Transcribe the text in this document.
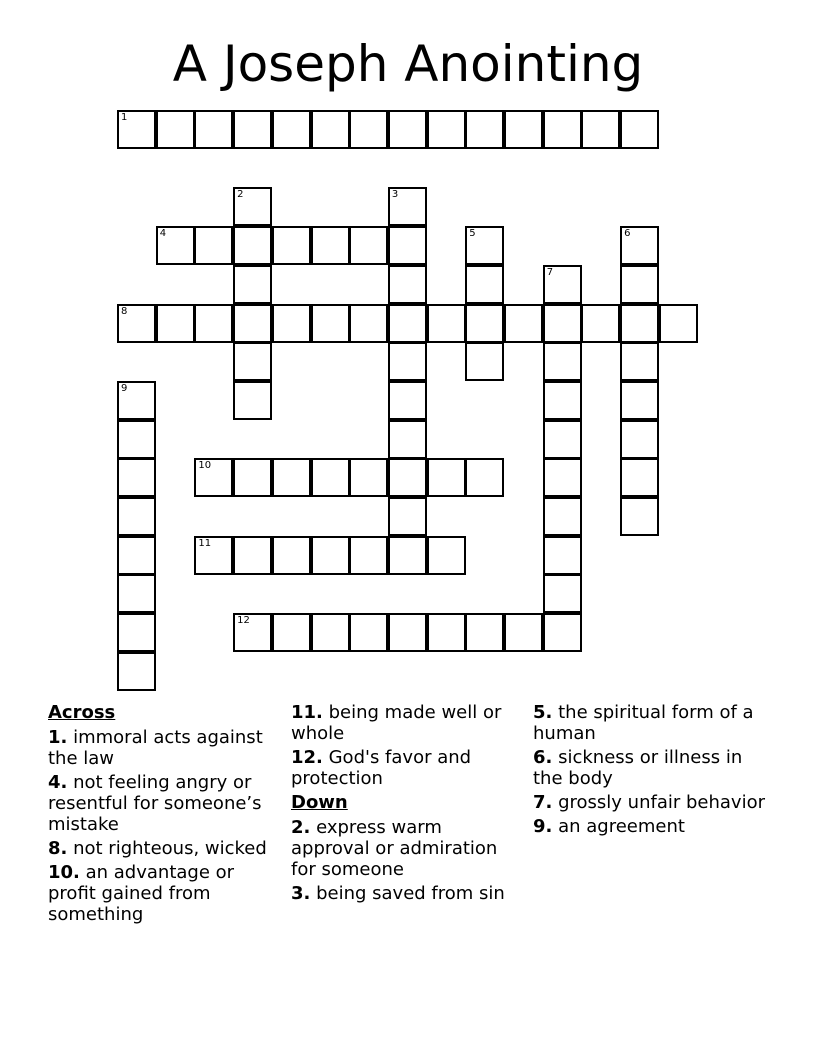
A Joseph Anointing
1
2	3
4	5	6
7
8
9
10
11
12
Across
1. immoral acts against the law
4. not feeling angry or resentful for someone’s mistake
8. not righteous, wicked
10. an advantage or profit gained from something
11. being made well or whole
12. God's favor and protection
Down
2. express warm approval or admiration for someone
3. being saved from sin
5. the spiritual form of a human
6. sickness or illness in the body
7. grossly unfair behavior
9. an agreement
